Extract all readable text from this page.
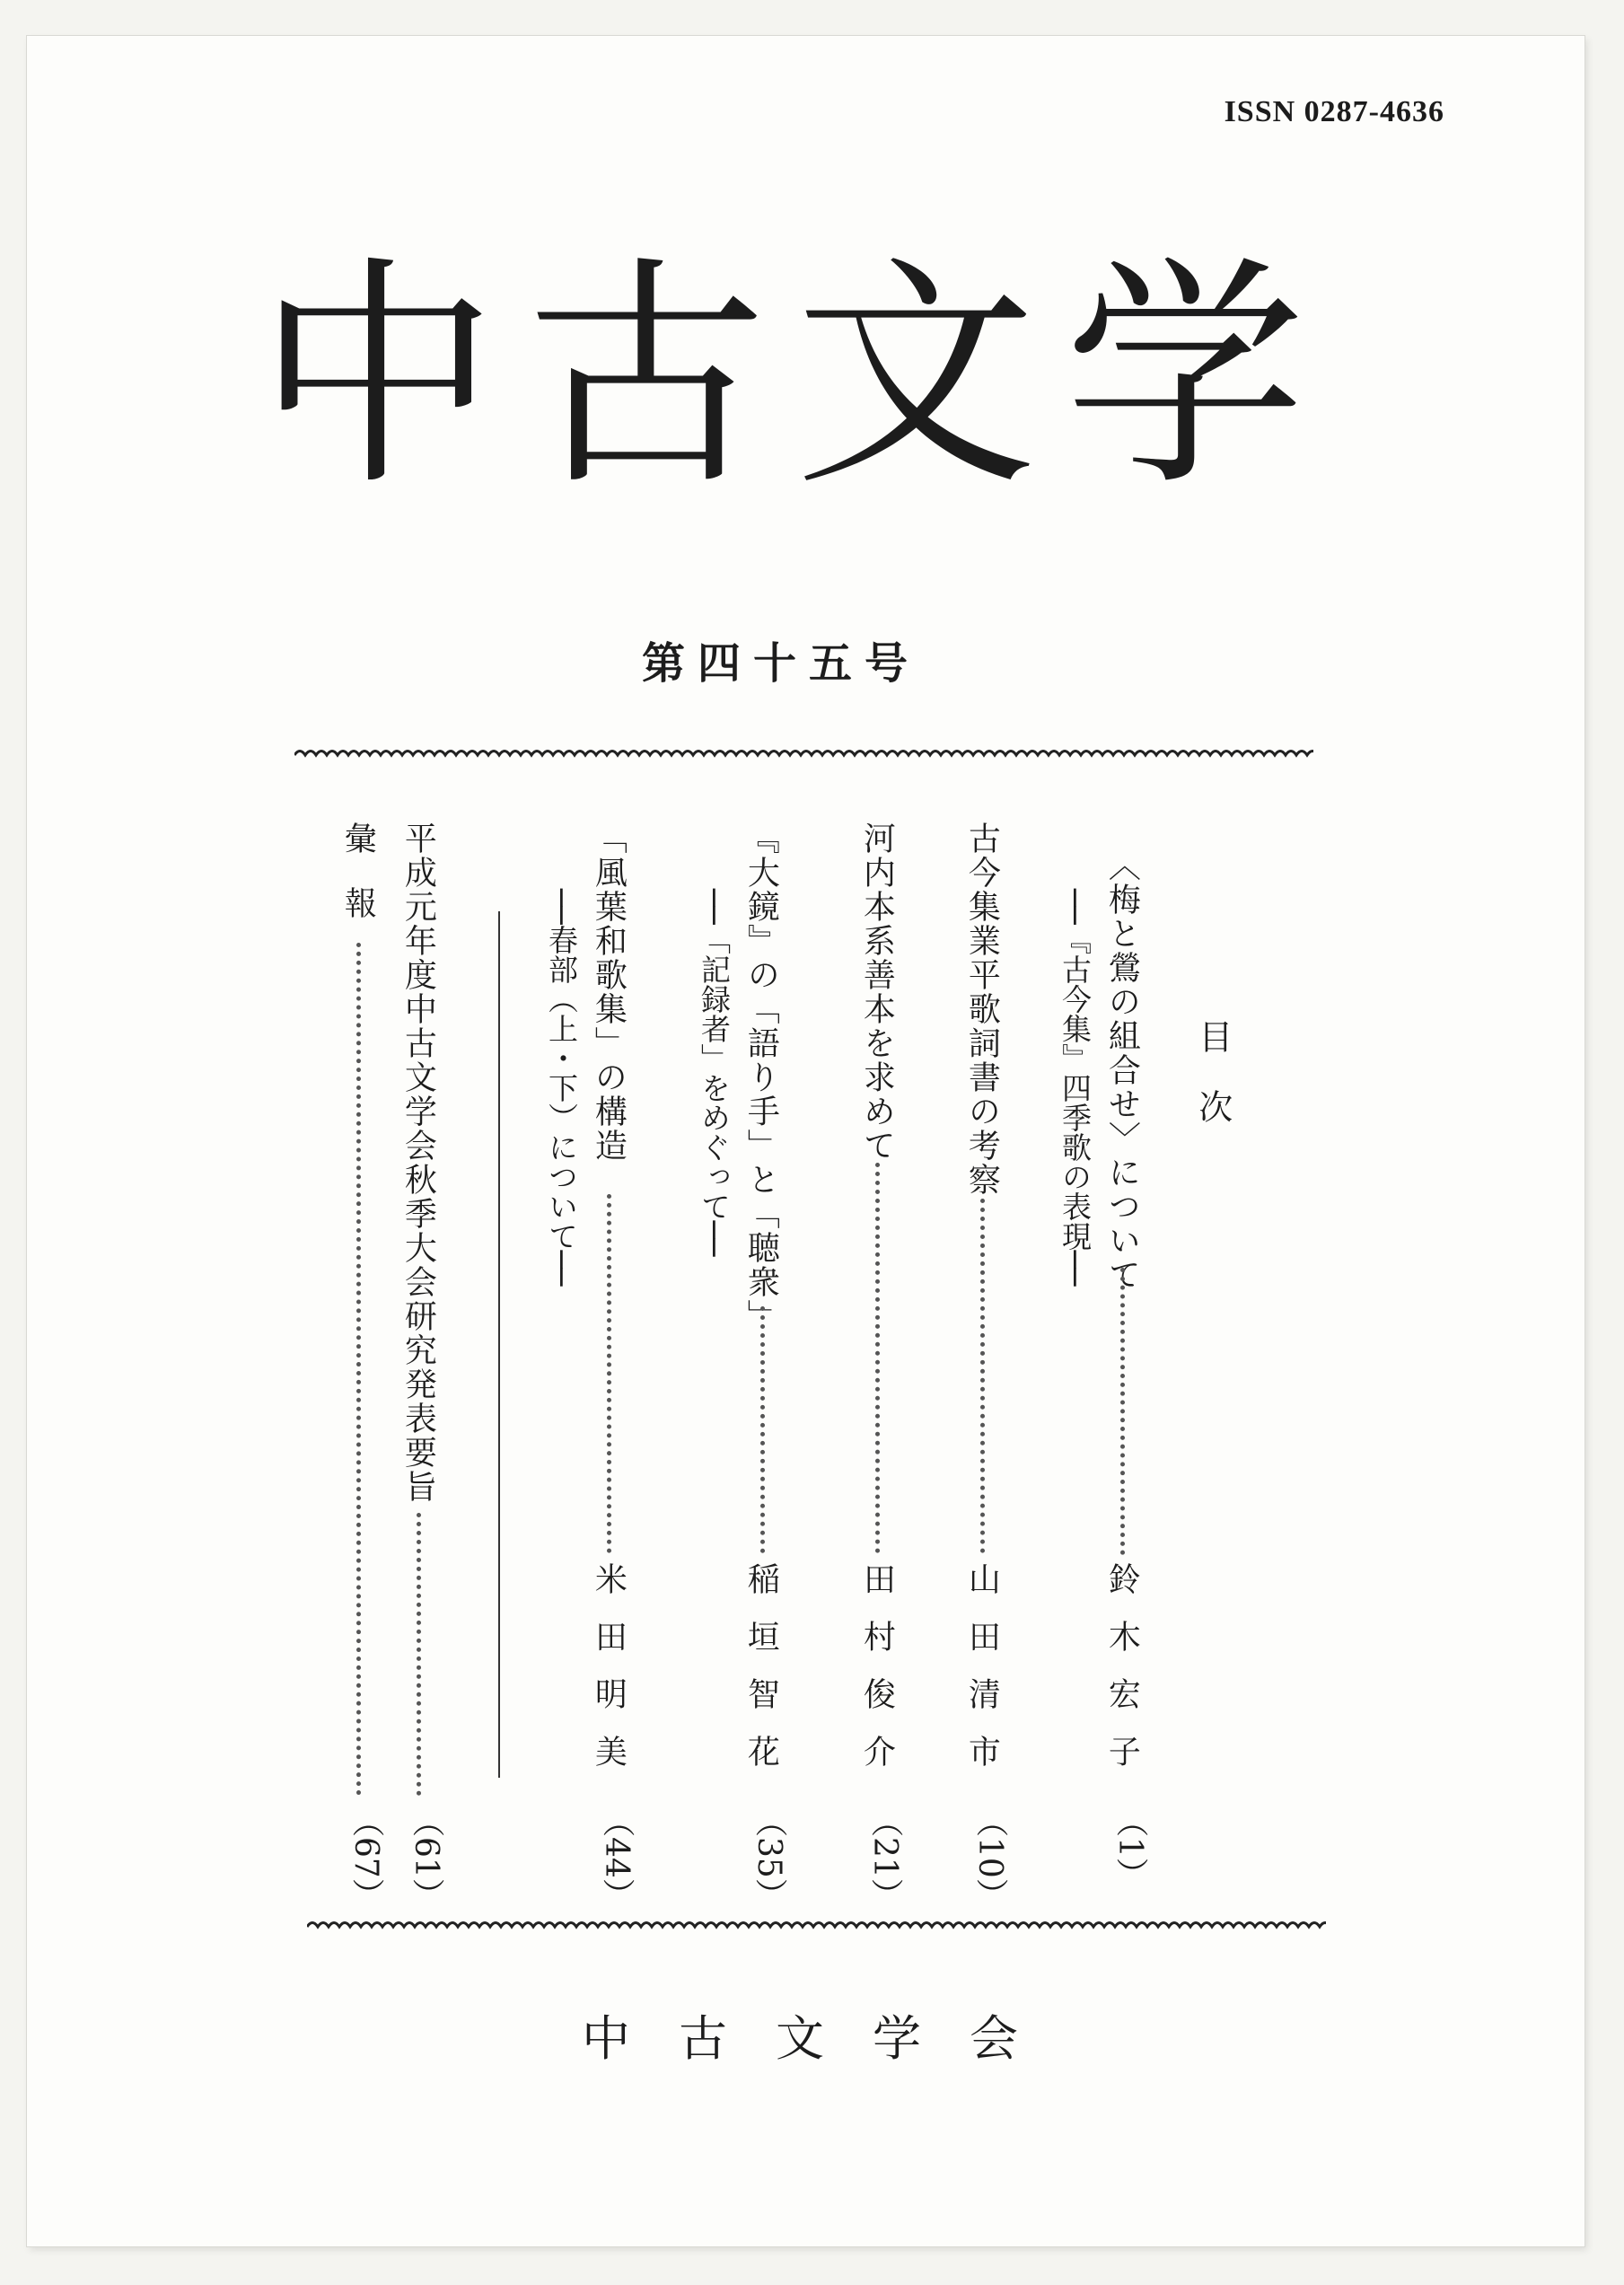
ISSN 0287-4636
中古文学
第四十五号
目次
〈梅と鶯の組合せ〉について
──『古今集』四季歌の表現──
鈴木宏子
（1）
古今集業平歌詞書の考察
山田清市
（10）
河内本系善本を求めて
田村俊介
（21）
『大鏡』の「語り手」と「聴衆」
──「記録者」をめぐって──
稲垣智花
（35）
「風葉和歌集」の構造
──春部（上・下）について──
米田明美
（44）
平成元年度中古文学会秋季大会研究発表要旨
（61）
彙報
（67）
中古文学会
